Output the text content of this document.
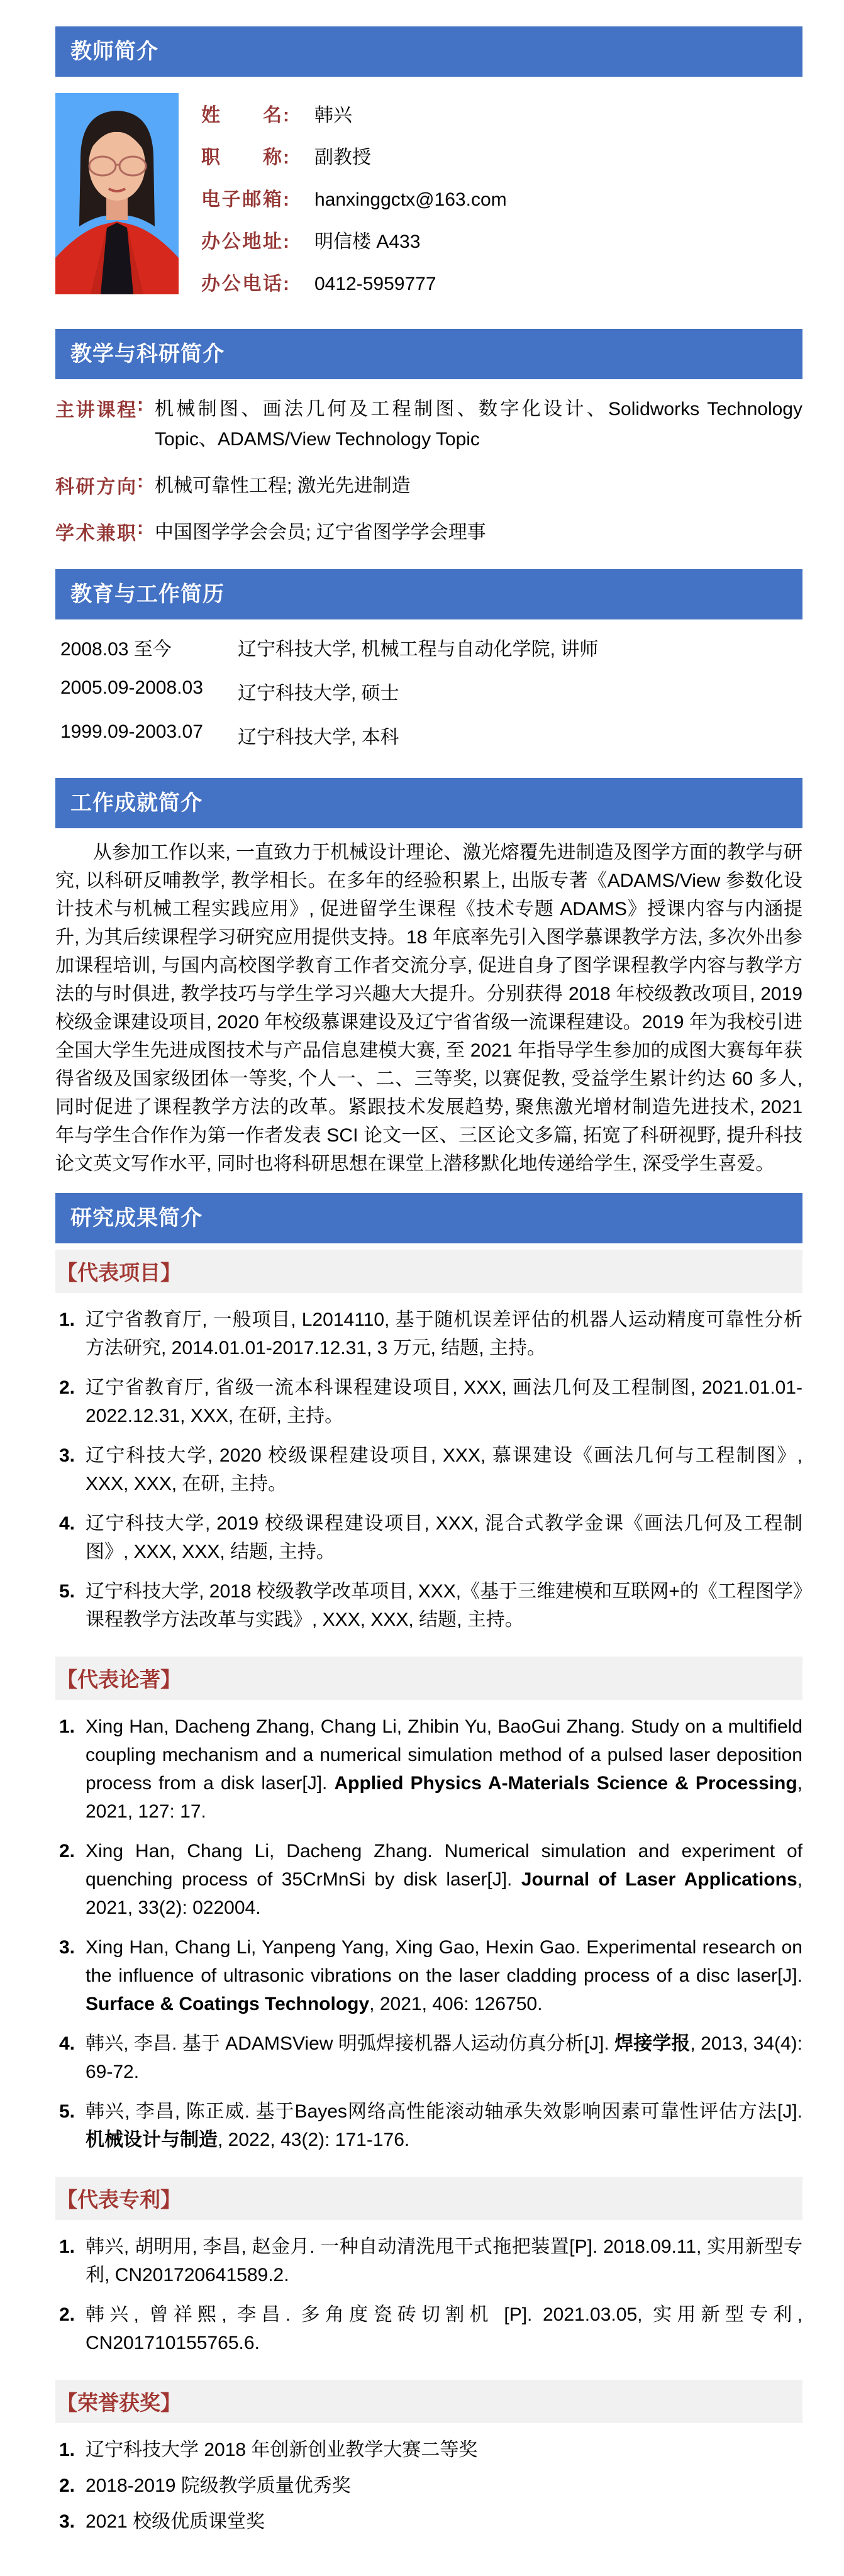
教师简介
姓名 : 韩兴
职称 : 副教授
电子邮箱 : hanxinggctx@163.com
办公地址 : 明信楼 A433
办公电话 : 0412-5959777
教学与科研简介
主讲课程 : 机械制图、画法几何及工程制图、数字化设计、Solidworks Technology Topic、ADAMS/View Technology Topic
科研方向 : 机械可靠性工程; 激光先进制造
学术兼职 : 中国图学学会会员; 辽宁省图学学会理事
教育与工作简历
2008.03 至今	辽宁科技大学, 机械工程与自动化学院, 讲师
2005.09-2008.03	辽宁科技大学, 硕士
1999.09-2003.07	辽宁科技大学, 本科
工作成就简介

从参加工作以来, 一直致力于机械设计理论、激光熔覆先进制造及图学方面的教学与研究, 以科研反哺教学, 教学相长。在多年的经验积累上, 出版专著《ADAMS/View 参数化设计技术与机械工程实践应用》, 促进留学生课程《技术专题 ADAMS》授课内容与内涵提升, 为其后续课程学习研究应用提供支持。18 年底率先引入图学慕课教学方法, 多次外出参加课程培训, 与国内高校图学教育工作者交流分享, 促进自身了图学课程教学内容与教学方法的与时俱进, 教学技巧与学生学习兴趣大大提升。分别获得 2018 年校级教改项目, 2019 校级金课建设项目, 2020 年校级慕课建设及辽宁省省级一流课程建设。2019 年为我校引进全国大学生先进成图技术与产品信息建模大赛, 至 2021 年指导学生参加的成图大赛每年获得省级及国家级团体一等奖, 个人一、二、三等奖, 以赛促教, 受益学生累计约达 60 多人, 同时促进了课程教学方法的改革。紧跟技术发展趋势, 聚焦激光增材制造先进技术, 2021 年与学生合作作为第一作者发表 SCI 论文一区、三区论文多篇, 拓宽了科研视野, 提升科技论文英文写作水平, 同时也将科研思想在课堂上潜移默化地传递给学生, 深受学生喜爱。

研究成果简介
【代表项目】
1. 辽宁省教育厅, 一般项目, L2014110, 基于随机误差评估的机器人运动精度可靠性分析方法研究, 2014.01.01-2017.12.31, 3 万元, 结题, 主持。
2. 辽宁省教育厅, 省级一流本科课程建设项目, XXX, 画法几何及工程制图, 2021.01.01-2022.12.31, XXX, 在研, 主持。
3. 辽宁科技大学, 2020 校级课程建设项目, XXX, 慕课建设《画法几何与工程制图》, XXX, XXX, 在研, 主持。
4. 辽宁科技大学, 2019 校级课程建设项目, XXX, 混合式教学金课《画法几何及工程制图》, XXX, XXX, 结题, 主持。
5. 辽宁科技大学, 2018 校级教学改革项目, XXX,《基于三维建模和互联网+的《工程图学》课程教学方法改革与实践》, XXX, XXX, 结题, 主持。
【代表论著】
1. Xing Han, Dacheng Zhang, Chang Li, Zhibin Yu, BaoGui Zhang. Study on a multifield coupling mechanism and a numerical simulation method of a pulsed laser deposition process from a disk laser[J]. Applied Physics A-Materials Science & Processing, 2021, 127: 17.
2. Xing Han, Chang Li, Dacheng Zhang. Numerical simulation and experiment of quenching process of 35CrMnSi by disk laser[J]. Journal of Laser Applications, 2021, 33(2): 022004.
3. Xing Han, Chang Li, Yanpeng Yang, Xing Gao, Hexin Gao. Experimental research on the influence of ultrasonic vibrations on the laser cladding process of a disc laser[J]. Surface & Coatings Technology, 2021, 406: 126750.
4. 韩兴, 李昌. 基于 ADAMSView 明弧焊接机器人运动仿真分析[J]. 焊接学报, 2013, 34(4): 69-72.
5. 韩兴, 李昌, 陈正威. 基于Bayes网络高性能滚动轴承失效影响因素可靠性评估方法[J]. 机械设计与制造, 2022, 43(2): 171-176.
【代表专利】
1. 韩兴, 胡明用, 李昌, 赵金月. 一种自动清洗甩干式拖把装置[P]. 2018.09.11, 实用新型专利, CN201720641589.2.
2. 韩兴, 曾祥熙, 李昌. 多角度瓷砖切割机 [P]. 2021.03.05, 实用新型专利, CN201710155765.6.
【荣誉获奖】
1. 辽宁科技大学 2018 年创新创业教学大赛二等奖
2. 2018-2019 院级教学质量优秀奖
3. 2021 校级优质课堂奖
